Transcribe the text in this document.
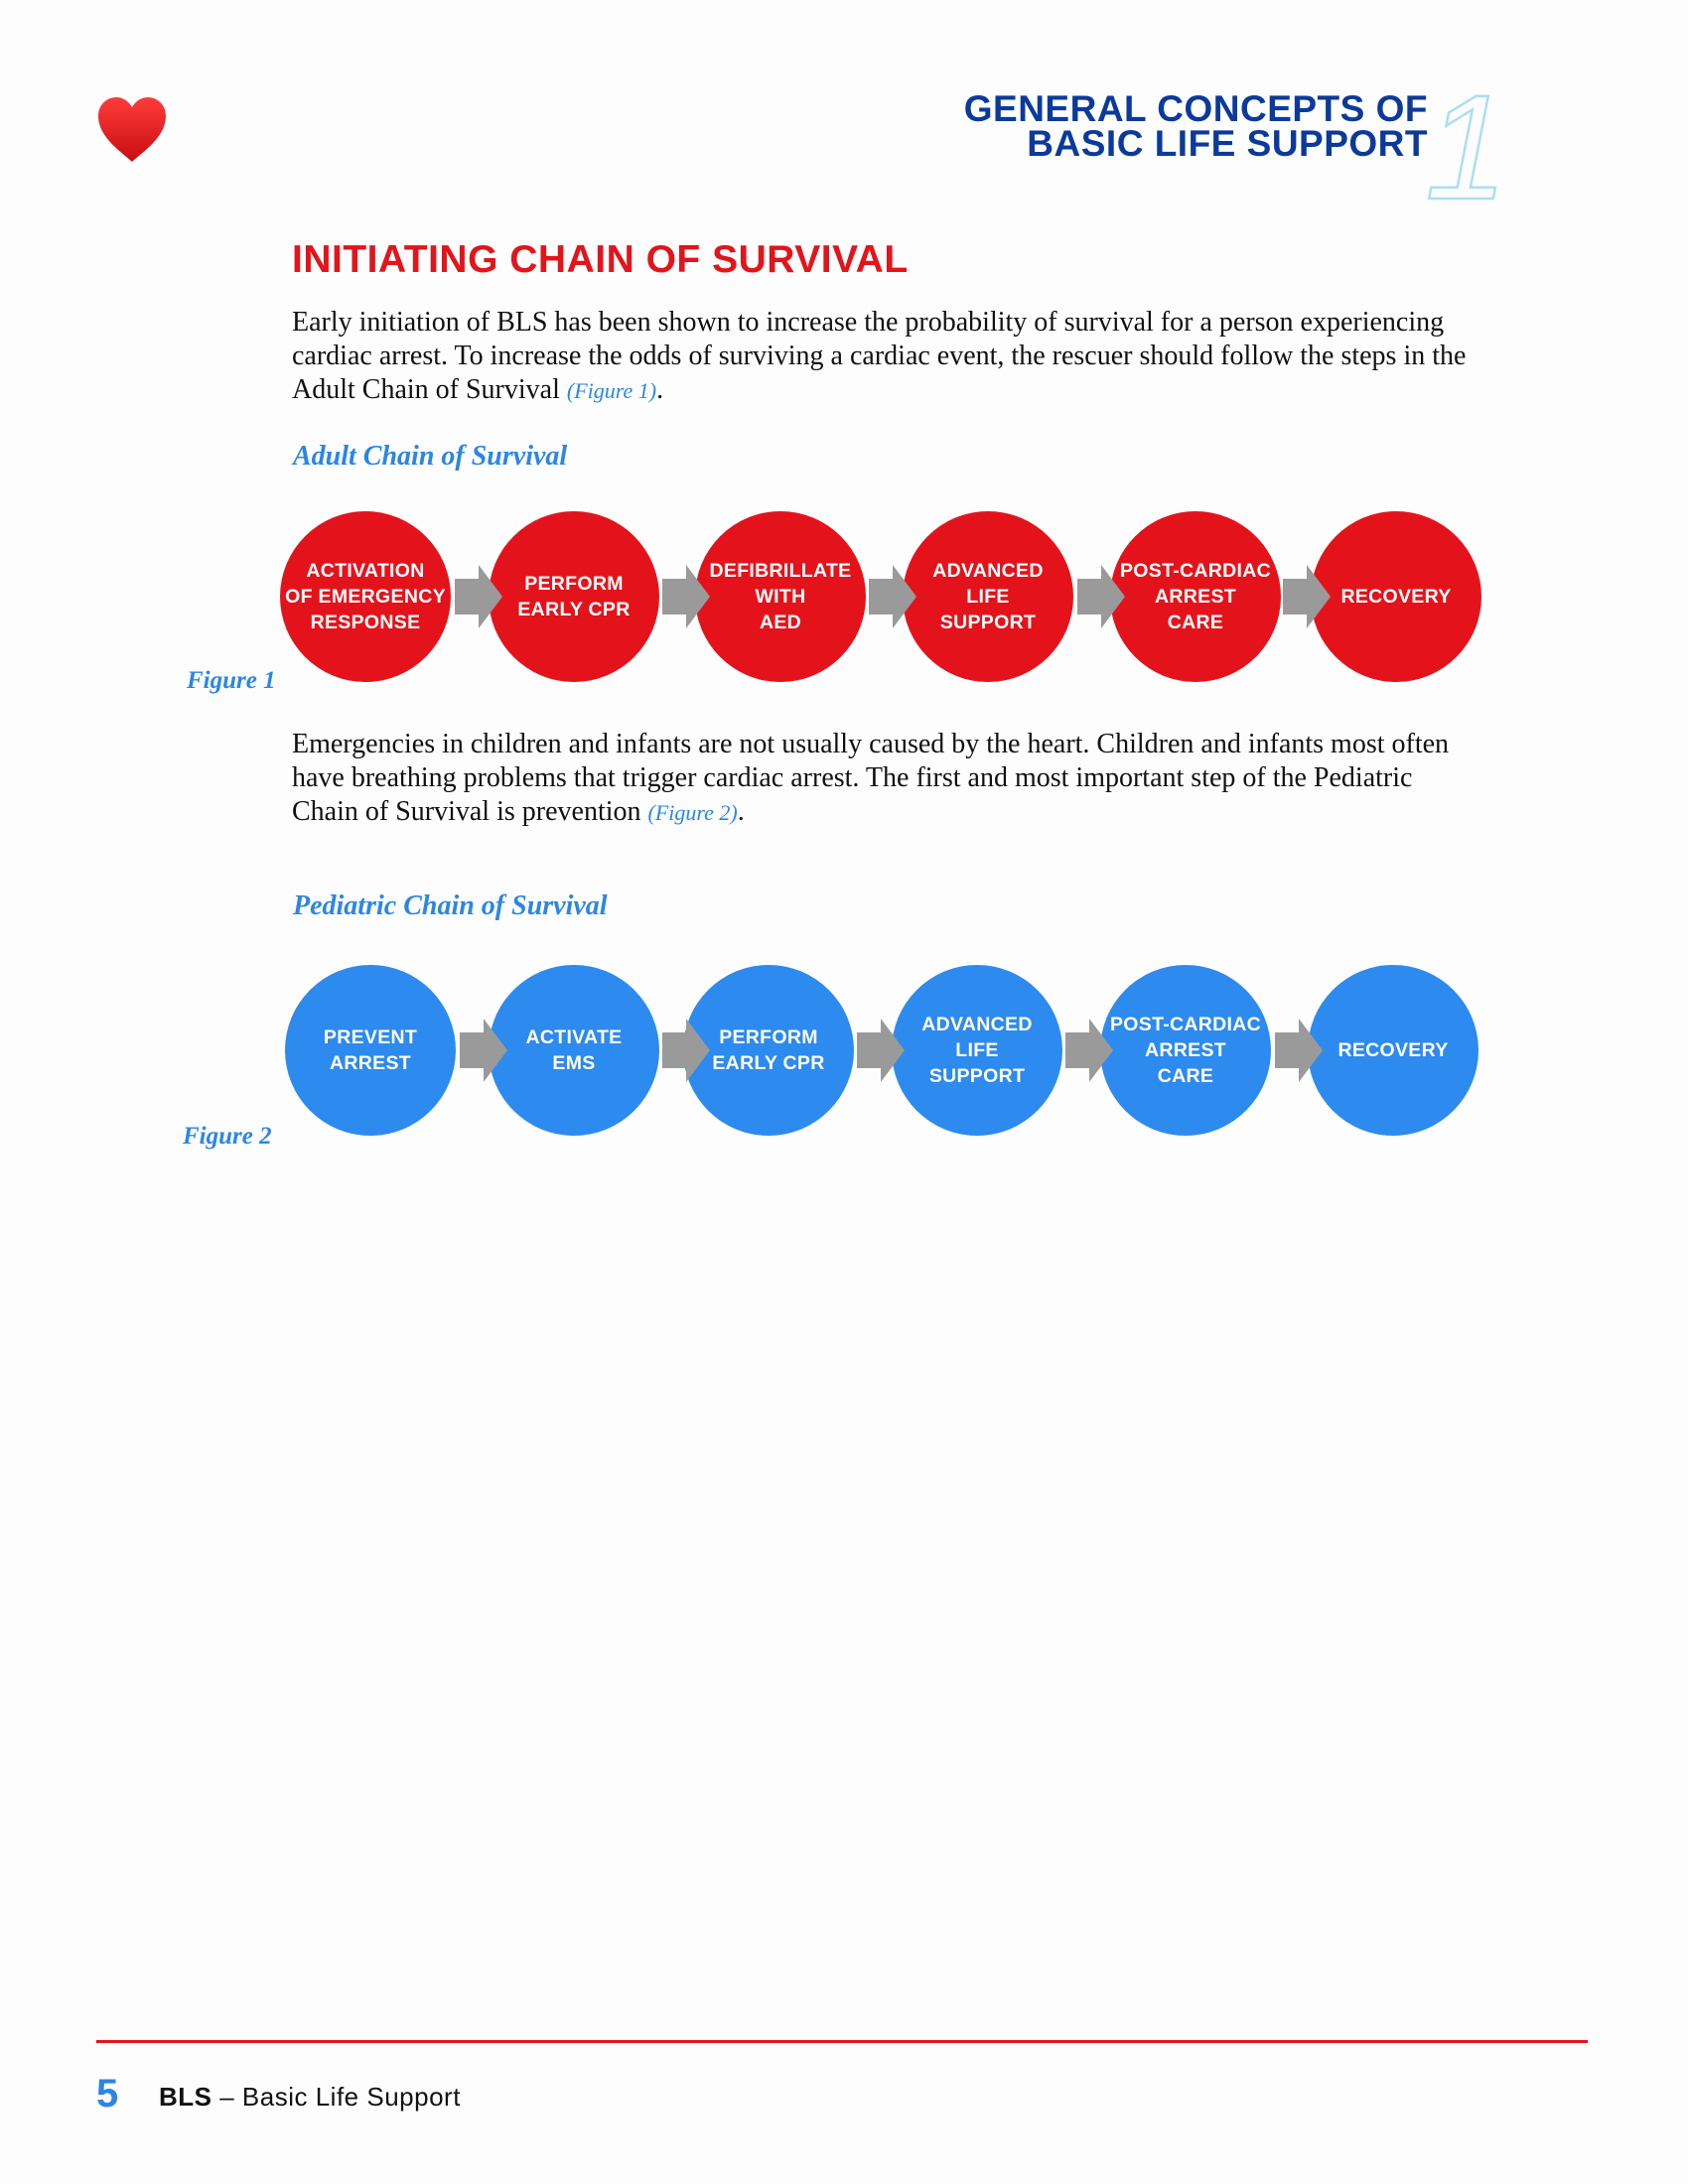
GENERAL CONCEPTS OF
BASIC LIFE SUPPORT
1
INITIATING CHAIN OF SURVIVAL

Early initiation of BLS has been shown to increase the probability of survival for a person experiencing cardiac arrest. To increase the odds of surviving a cardiac event, the rescuer should follow the steps in the Adult Chain of Survival (Figure 1).

Adult Chain of Survival
ACTIVATION
OF EMERGENCY
RESPONSE
PERFORM
EARLY CPR
DEFIBRILLATE
WITH
AED
ADVANCED
LIFE
SUPPORT
POST-CARDIAC
ARREST
CARE
RECOVERY
Figure 1

Emergencies in children and infants are not usually caused by the heart. Children and infants most often have breathing problems that trigger cardiac arrest. The first and most important step of the Pediatric Chain of Survival is prevention (Figure 2).

Pediatric Chain of Survival
PREVENT
ARREST
ACTIVATE
EMS
PERFORM
EARLY CPR
ADVANCED
LIFE
SUPPORT
POST-CARDIAC
ARREST
CARE
RECOVERY
Figure 2
5 BLS – Basic Life Support
